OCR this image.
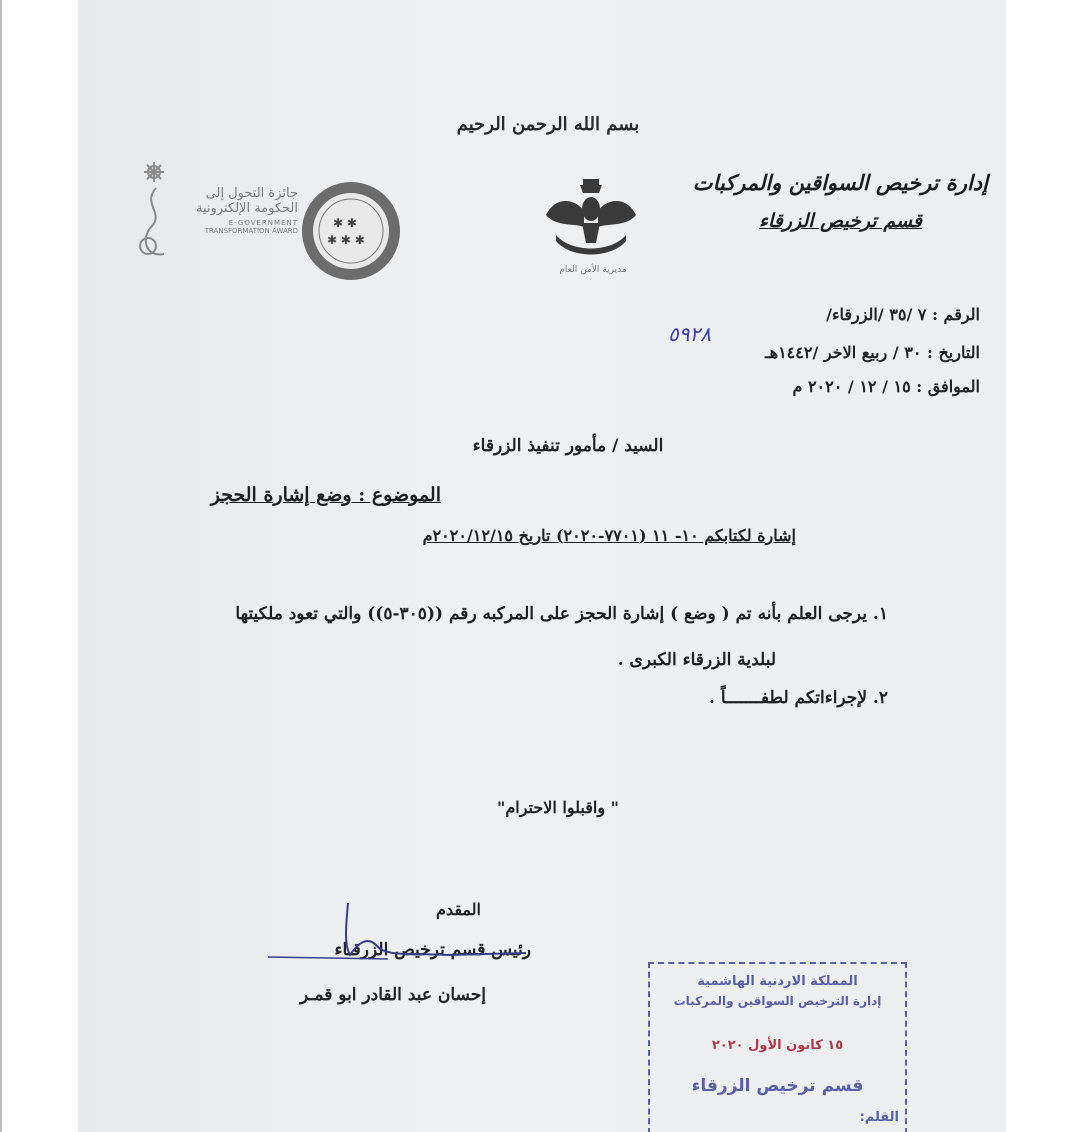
بسم الله الرحمن الرحيم
جائزة التحول إلى
الحكومة الإلكترونية
E-GOVERNMENT
TRANSFORMATION AWARD
✱ ✱
✱ ✱ ✱
مديرية الأمن العام
إدارة ترخيص السواقين والمركبات
قسم ترخيص الزرقاء
الرقم : ٧ /٣٥ /الزرقاء/
٥٩٢٨
التاريخ : ٣٠ / ربيع الاخر /١٤٤٢هـ
الموافق : ١٥ / ١٢ / ٢٠٢٠ م
السيد / مأمور تنفيذ الزرقاء
الموضوع : وضع إشارة الحجز
إشارة لكتابكم ١٠- ١١ (٧٧٠١-٢٠٢٠) تاريخ ٢٠٢٠/١٢/١٥م
١. يرجى العلم بأنه تم ( وضع ) إشارة الحجز على المركبه رقم ((٣٠٥-٥)) والتي تعود ملكيتها
لبلدية الزرقاء الكبرى .
٢. لإجراءاتكم لطفـــــــاً .
" واقبلوا الاحترام"
المقدم
رئيس قسم ترخيص الزرقـاء
إحسان عبد القادر ابو قمـر
المملكة الاردنية الهاشمية
إدارة الترخيص السواقين والمركبات
١٥ كانون الأول ٢٠٢٠
قسم ترخيص الزرقاء
القلم:
